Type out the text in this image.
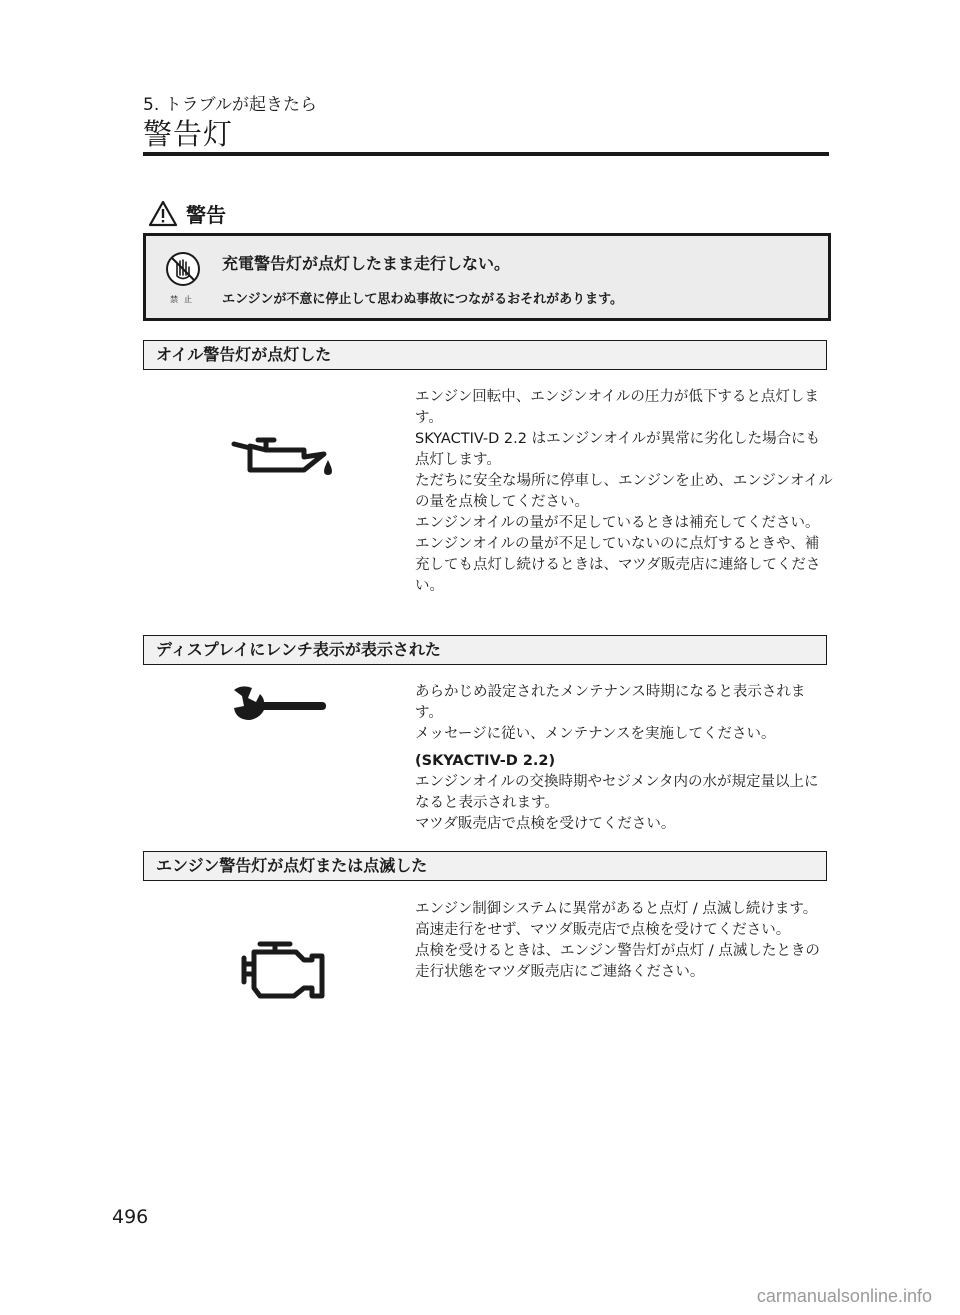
5. トラブルが起きたら
警告灯
警告
禁止
充電警告灯が点灯したまま走行しない。
エンジンが不意に停止して思わぬ事故につながるおそれがあります。
オイル警告灯が点灯した

エンジン回転中、エンジンオイルの圧力が低下すると点灯します。

SKYACTIV-D 2.2 はエンジンオイルが異常に劣化した場合にも点灯します。

ただちに安全な場所に停車し、エンジンを止め、エンジンオイルの量を点検してください。

エンジンオイルの量が不足しているときは補充してください。

エンジンオイルの量が不足していないのに点灯するときや、補充しても点灯し続けるときは、マツダ販売店に連絡してください。

ディスプレイにレンチ表示が表示された

あらかじめ設定されたメンテナンス時期になると表示されます。

メッセージに従い、メンテナンスを実施してください。

(SKYACTIV-D 2.2)

エンジンオイルの交換時期やセジメンタ内の水が規定量以上になると表示されます。

マツダ販売店で点検を受けてください。

エンジン警告灯が点灯または点滅した

エンジン制御システムに異常があると点灯 / 点滅し続けます。

高速走行をせず、マツダ販売店で点検を受けてください。

点検を受けるときは、エンジン警告灯が点灯 / 点滅したときの走行状態をマツダ販売店にご連絡ください。

496
carmanualsonline.info
